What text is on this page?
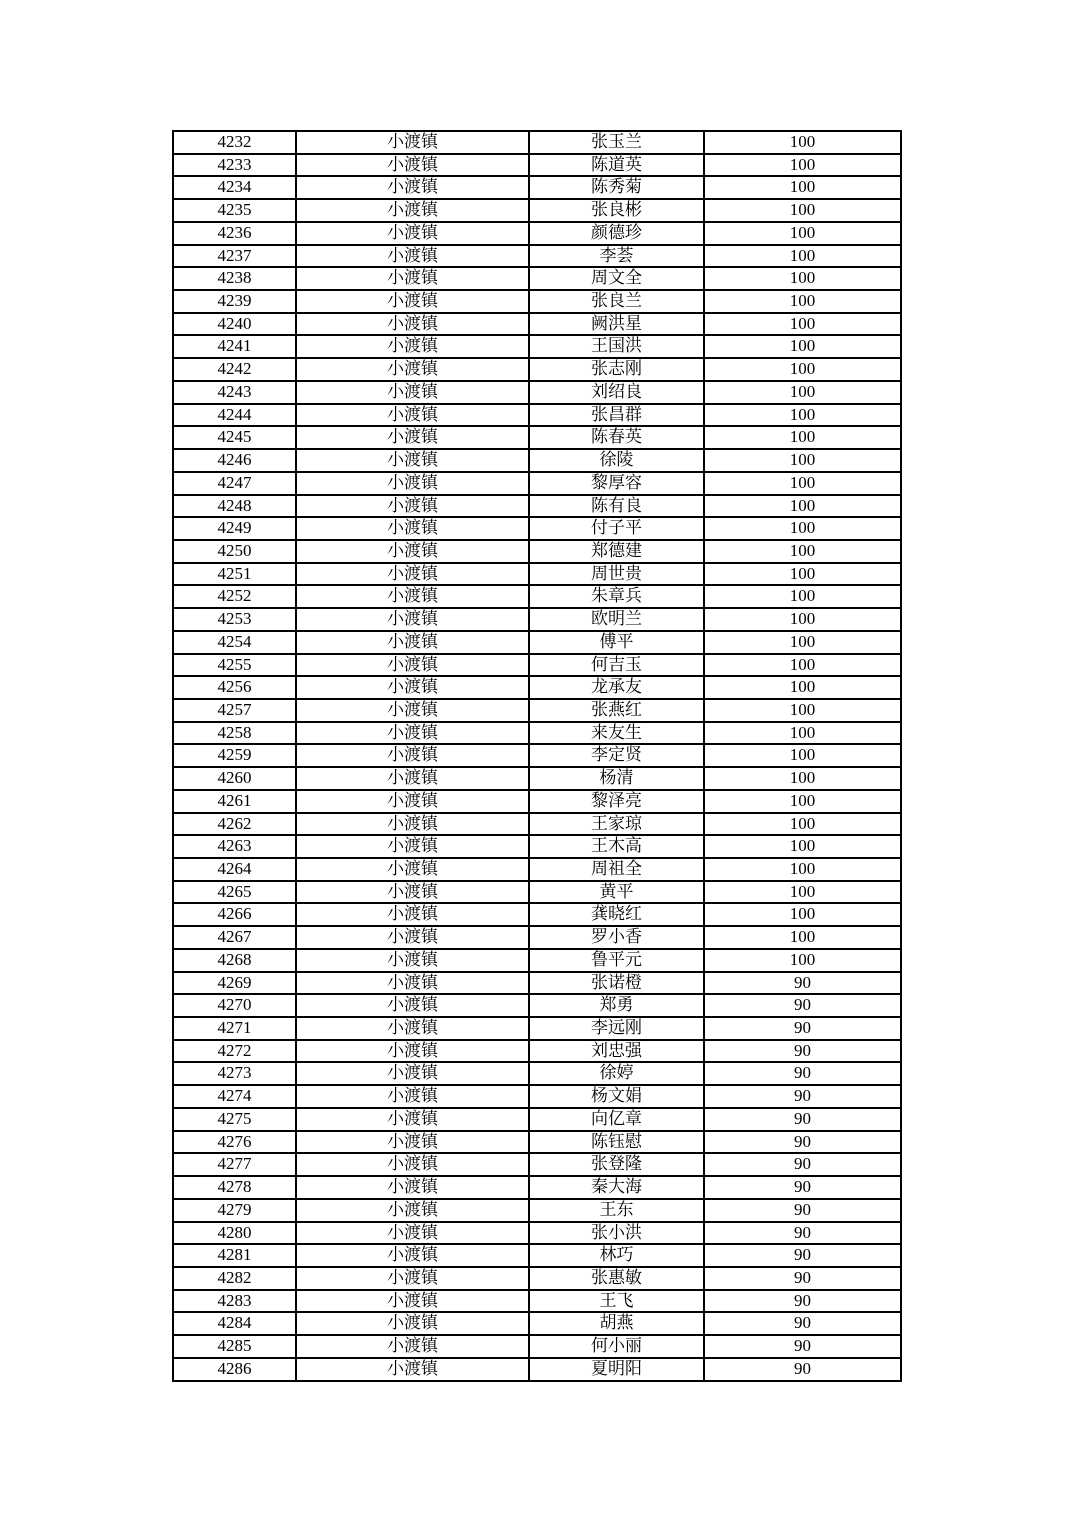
4232	小渡镇	张玉兰	100
4233	小渡镇	陈道英	100
4234	小渡镇	陈秀菊	100
4235	小渡镇	张良彬	100
4236	小渡镇	颜德珍	100
4237	小渡镇	李荟	100
4238	小渡镇	周文全	100
4239	小渡镇	张良兰	100
4240	小渡镇	阙洪星	100
4241	小渡镇	王国洪	100
4242	小渡镇	张志刚	100
4243	小渡镇	刘绍良	100
4244	小渡镇	张昌群	100
4245	小渡镇	陈春英	100
4246	小渡镇	徐陵	100
4247	小渡镇	黎厚容	100
4248	小渡镇	陈有良	100
4249	小渡镇	付子平	100
4250	小渡镇	郑德建	100
4251	小渡镇	周世贵	100
4252	小渡镇	朱章兵	100
4253	小渡镇	欧明兰	100
4254	小渡镇	傅平	100
4255	小渡镇	何吉玉	100
4256	小渡镇	龙承友	100
4257	小渡镇	张燕红	100
4258	小渡镇	来友生	100
4259	小渡镇	李定贤	100
4260	小渡镇	杨清	100
4261	小渡镇	黎泽亮	100
4262	小渡镇	王家琼	100
4263	小渡镇	王木高	100
4264	小渡镇	周祖全	100
4265	小渡镇	黄平	100
4266	小渡镇	龚晓红	100
4267	小渡镇	罗小香	100
4268	小渡镇	鲁平元	100
4269	小渡镇	张诺橙	90
4270	小渡镇	郑勇	90
4271	小渡镇	李远刚	90
4272	小渡镇	刘忠强	90
4273	小渡镇	徐婷	90
4274	小渡镇	杨文娟	90
4275	小渡镇	向亿章	90
4276	小渡镇	陈钰慰	90
4277	小渡镇	张登隆	90
4278	小渡镇	秦大海	90
4279	小渡镇	王东	90
4280	小渡镇	张小洪	90
4281	小渡镇	林巧	90
4282	小渡镇	张惠敏	90
4283	小渡镇	王飞	90
4284	小渡镇	胡燕	90
4285	小渡镇	何小丽	90
4286	小渡镇	夏明阳	90
